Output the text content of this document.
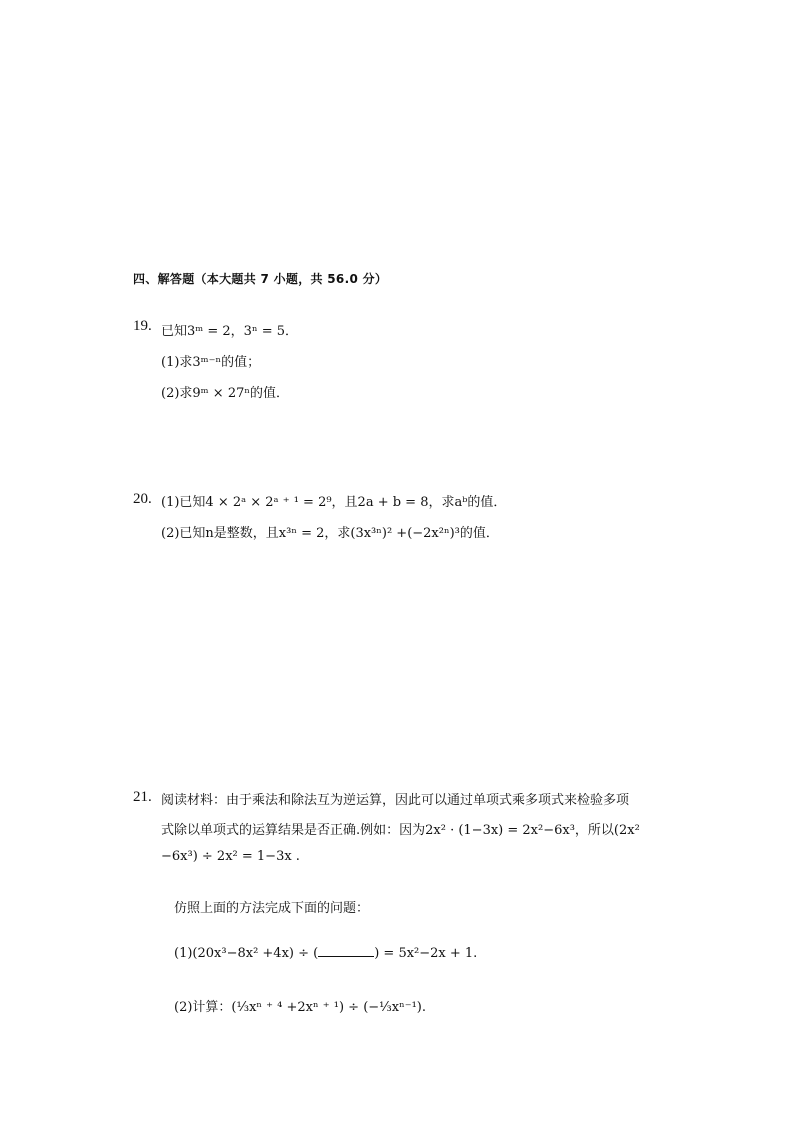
四、解答题（本大题共 7 小题，共 56.0 分）
19. 已知3ᵐ = 2，3ⁿ = 5．
(1)求3ᵐ⁻ⁿ的值；
(2)求9ᵐ × 27ⁿ的值．
20. (1)已知4 × 2ᵃ × 2ᵃ ⁺ ¹ = 2⁹，且2a + b = 8，求aᵇ的值．
(2)已知n是整数，且x³ⁿ = 2，求(3x³ⁿ)² +(−2x²ⁿ)³的值．
21. 阅读材料：由于乘法和除法互为逆运算，因此可以通过单项式乘多项式来检验多项
式除以单项式的运算结果是否正确.例如：因为2x² · (1−3x) = 2x²−6x³，所以(2x²
−6x³) ÷ 2x² = 1−3x .
仿照上面的方法完成下面的问题：
(1)(20x³−8x² +4x) ÷ (	) = 5x²−2x + 1.
(2)计算：(¹⁄₃xⁿ ⁺ ⁴ +2xⁿ ⁺ ¹) ÷ (−¹⁄₃xⁿ⁻¹).
